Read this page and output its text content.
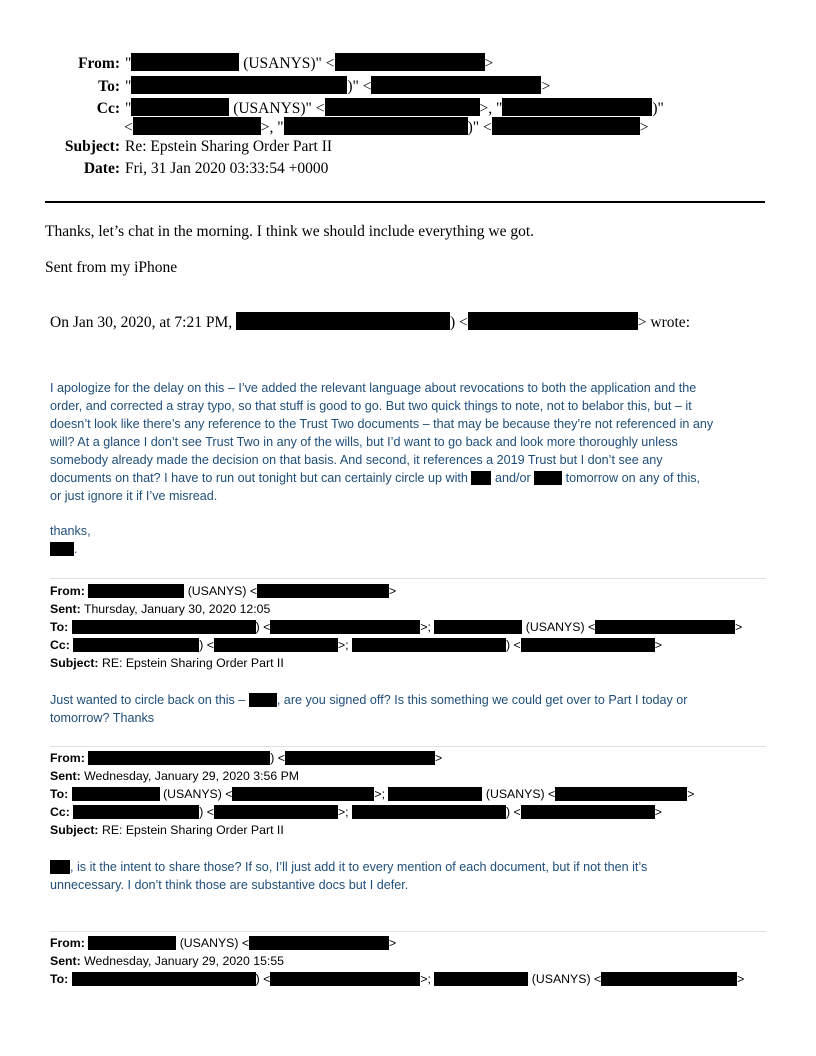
From: "	(USANYS)" <	>
To: "	)" <	>
Cc: "	(USANYS)" <	>, "	)"
<	>, "	)" <	>
Subject: Re: Epstein Sharing Order Part II
Date: Fri, 31 Jan 2020 03:33:54 +0000
Thanks, let’s chat in the morning. I think we should include everything we got.
Sent from my iPhone
On Jan 30, 2020, at 7:21 PM,	) <	> wrote:
I apologize for the delay on this – I’ve added the relevant language about revocations to both the application and the
order, and corrected a stray typo, so that stuff is good to go. But two quick things to note, not to belabor this, but – it
doesn’t look like there’s any reference to the Trust Two documents – that may be because they’re not referenced in any
will? At a glance I don’t see Trust Two in any of the wills, but I’d want to go back and look more thoroughly unless
somebody already made the decision on that basis. And second, it references a 2019 Trust but I don’t see any
documents on that? I have to run out tonight but can certainly circle up with and/or	tomorrow on any of this,
or just ignore it if I’ve misread.
thanks,
.
From:	(USANYS) <	>
Sent: Thursday, January 30, 2020 12:05
To:	) <	>;	(USANYS) <	>
Cc:	) <	>;	) <	>
Subject: RE: Epstein Sharing Order Part II
Just wanted to circle back on this –	, are you signed off? Is this something we could get over to Part I today or
tomorrow? Thanks
From:	) <	>
Sent: Wednesday, January 29, 2020 3:56 PM
To:	(USANYS) <	>;	(USANYS) <	>
Cc:	) <	>;	) <	>
Subject: RE: Epstein Sharing Order Part II
, is it the intent to share those? If so, I’ll just add it to every mention of each document, but if not then it’s
unnecessary. I don’t think those are substantive docs but I defer.
From:	(USANYS) <	>
Sent: Wednesday, January 29, 2020 15:55
To:	) <	>;	(USANYS) <	>
